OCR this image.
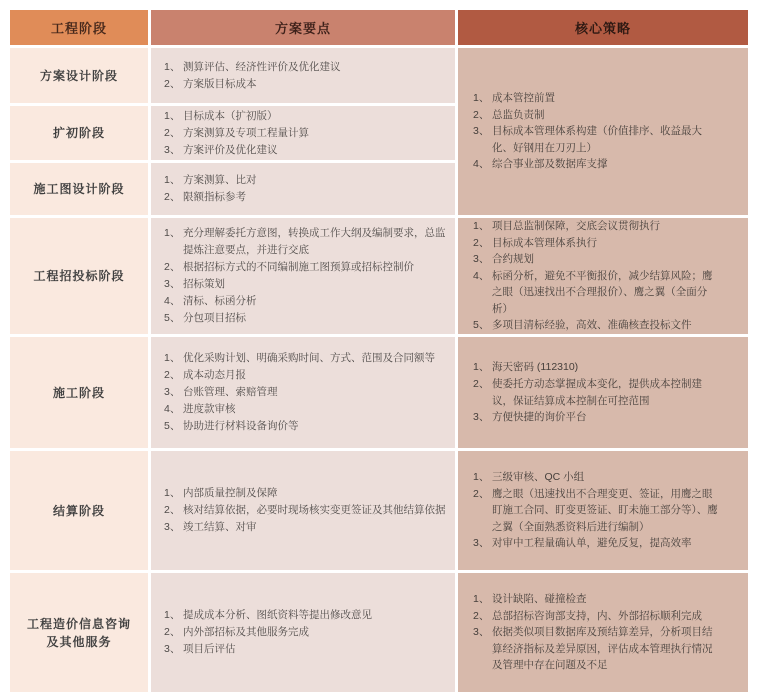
工程阶段	方案要点	核心策略
方案设计阶段
1、 测算评估、经济性评价及优化建议
2、 方案版目标成本
扩初阶段
1、 目标成本（扩初版）
2、 方案测算及专项工程量计算
3、 方案评价及优化建议
施工图设计阶段
1、 方案测算、比对
2、 限额指标参考
1、 成本管控前置
2、 总监负责制
3、 目标成本管理体系构建（价值排序、收益最大化、好钢用在刀刃上）
4、 综合事业部及数据库支撑
工程招投标阶段
1、 充分理解委托方意图，转换成工作大纲及编制要求，总监提炼注意要点，并进行交底
2、 根据招标方式的不同编制施工图预算或招标控制价
3、 招标策划
4、 清标、标函分析
5、 分包项目招标
1、 项目总监制保障，交底会议贯彻执行
2、 目标成本管理体系执行
3、 合约规划
4、 标函分析，避免不平衡报价，减少结算风险；鹰之眼（迅速找出不合理报价）、鹰之翼（全面分析）
5、 多项目清标经验，高效、准确核查投标文件
施工阶段
1、 优化采购计划、明确采购时间、方式、范围及合同额等
2、 成本动态月报
3、 台账管理、索赔管理
4、 进度款审核
5、 协助进行材料设备询价等
1、 海天密码 (112310)
2、 使委托方动态掌握成本变化，提供成本控制建议，保证结算成本控制在可控范围
3、 方便快捷的询价平台
结算阶段
1、 内部质量控制及保障
2、 核对结算依据，必要时现场核实变更签证及其他结算依据
3、 竣工结算、对审
1、 三级审核、QC 小组
2、 鹰之眼（迅速找出不合理变更、签证，用鹰之眼盯施工合同、盯变更签证、盯未施工部分等）、鹰之翼（全面熟悉资料后进行编制）
3、 对审中工程量确认单，避免反复，提高效率
工程造价信息咨询及其他服务
1、 提成成本分析、图纸资料等提出修改意见
2、 内外部招标及其他服务完成
3、 项目后评估
1、 设计缺陷、碰撞检查
2、 总部招标咨询部支持，内、外部招标顺利完成
3、 依据类似项目数据库及预结算差异，分析项目结算经济指标及差异原因，评估成本管理执行情况及管理中存在问题及不足
